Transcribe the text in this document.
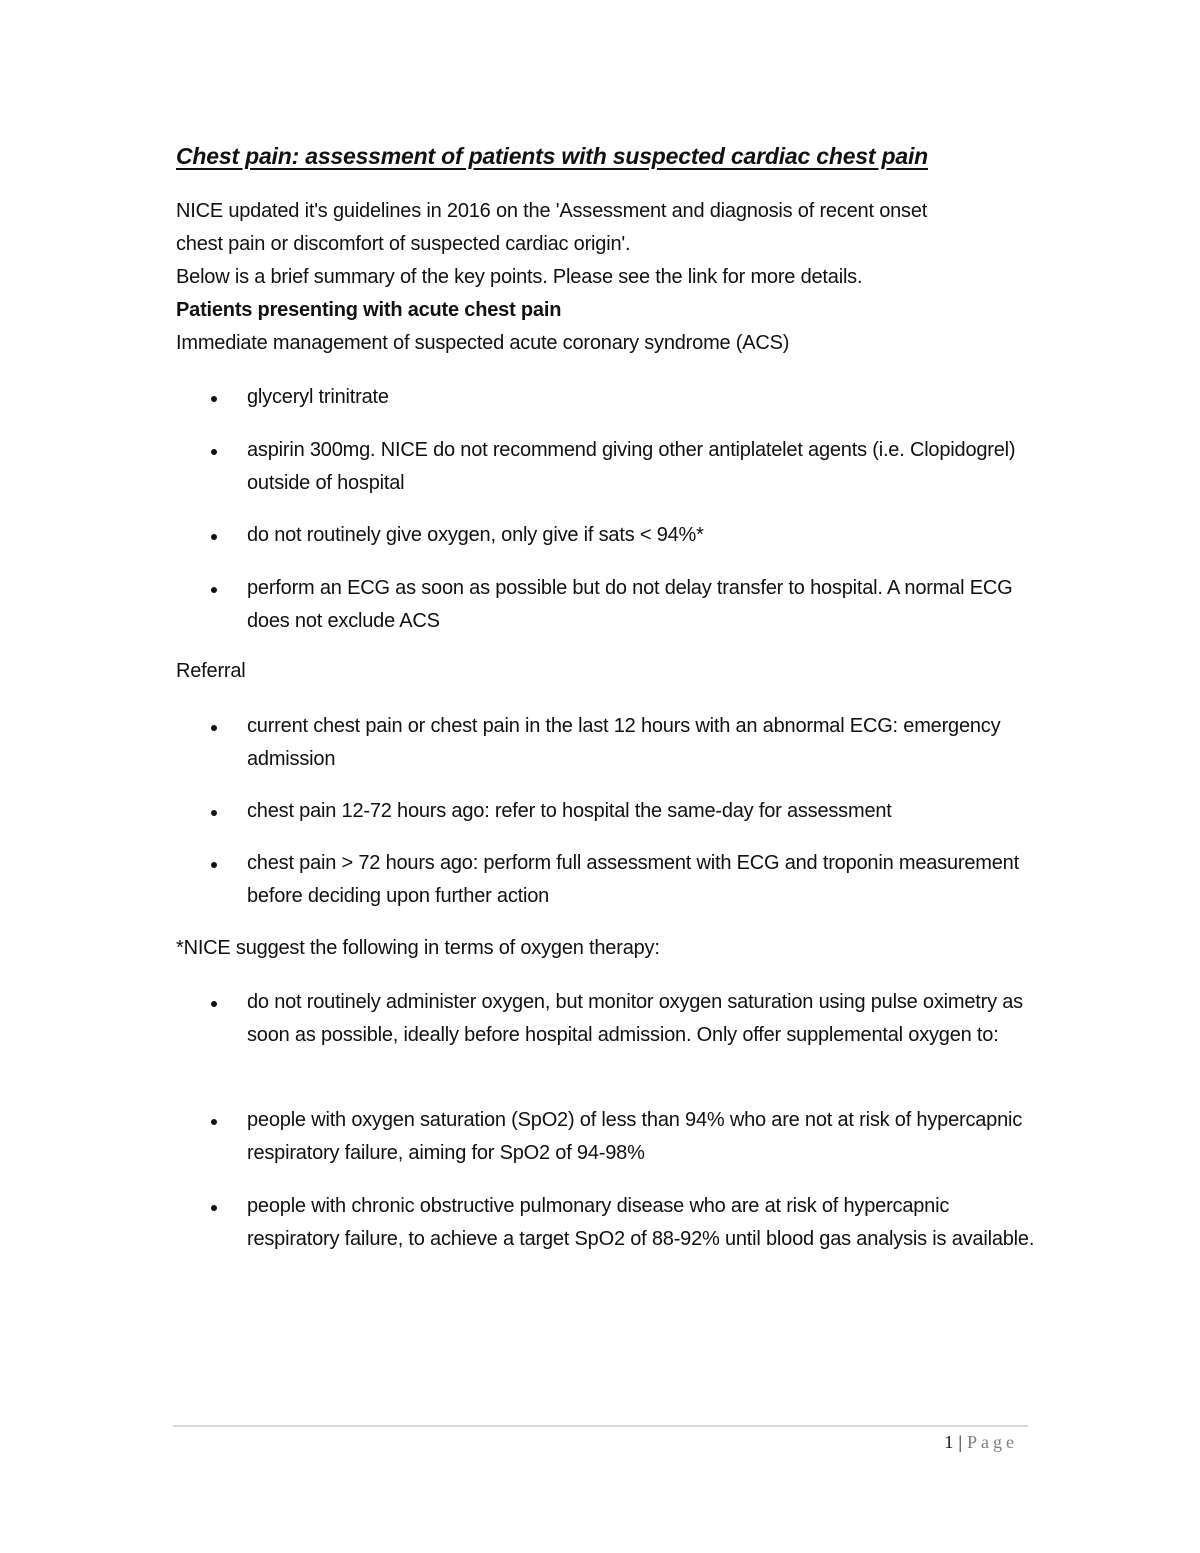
Chest pain: assessment of patients with suspected cardiac chest pain
NICE updated it's guidelines in 2016 on the 'Assessment and diagnosis of recent onset
chest pain or discomfort of suspected cardiac origin'.
Below is a brief summary of the key points. Please see the link for more details.
Patients presenting with acute chest pain
Immediate management of suspected acute coronary syndrome (ACS)
glyceryl trinitrate
aspirin 300mg. NICE do not recommend giving other antiplatelet agents (i.e. Clopidogrel) outside of hospital
do not routinely give oxygen, only give if sats < 94%*
perform an ECG as soon as possible but do not delay transfer to hospital. A normal ECG does not exclude ACS
Referral
current chest pain or chest pain in the last 12 hours with an abnormal ECG: emergency admission
chest pain 12-72 hours ago: refer to hospital the same-day for assessment
chest pain > 72 hours ago: perform full assessment with ECG and troponin measurement before deciding upon further action
*NICE suggest the following in terms of oxygen therapy:
do not routinely administer oxygen, but monitor oxygen saturation using pulse oximetry as soon as possible, ideally before hospital admission. Only offer supplemental oxygen to:
people with oxygen saturation (SpO2) of less than 94% who are not at risk of hypercapnic respiratory failure, aiming for SpO2 of 94-98%
people with chronic obstructive pulmonary disease who are at risk of hypercapnic respiratory failure, to achieve a target SpO2 of 88-92% until blood gas analysis is available.
1 | Page
